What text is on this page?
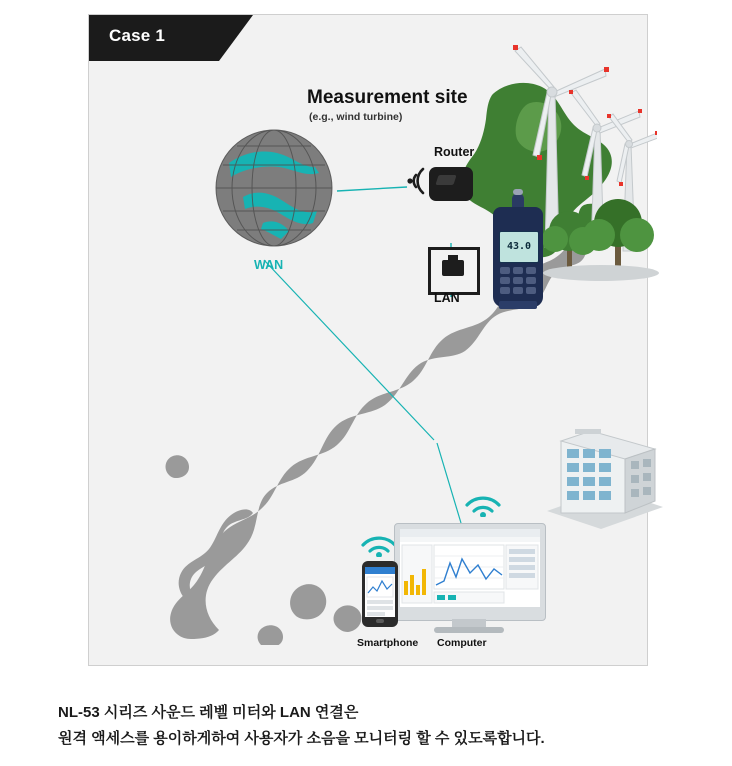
Case 1
WAN
Measurement site
(e.g., wind turbine)
Router
LAN
43.0
Smartphone Computer
NL-53 시리즈 사운드 레벨 미터와 LAN 연결은
원격 액세스를 용이하게하여 사용자가 소음을 모니터링 할 수 있도록합니다.
